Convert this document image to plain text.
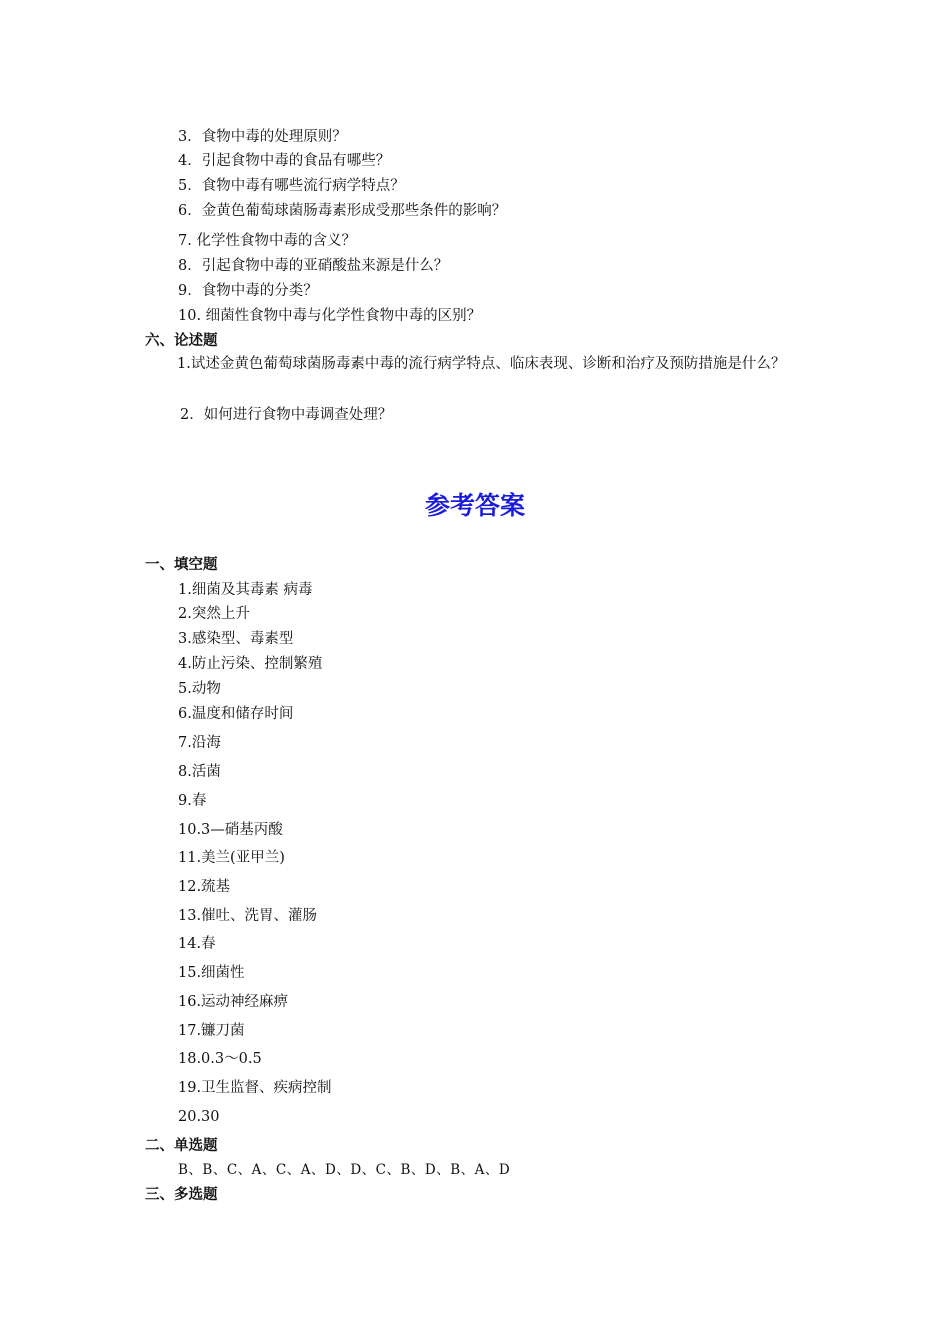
3．食物中毒的处理原则？
4．引起食物中毒的食品有哪些？
5．食物中毒有哪些流行病学特点？
6．金黄色葡萄球菌肠毒素形成受那些条件的影响？
7. 化学性食物中毒的含义？
8．引起食物中毒的亚硝酸盐来源是什么？
9．食物中毒的分类？
10. 细菌性食物中毒与化学性食物中毒的区别？
六、论述题
1.试述金黄色葡萄球菌肠毒素中毒的流行病学特点、临床表现、诊断和治疗及预防措施是什么？
2．如何进行食物中毒调查处理？
参考答案
一、填空题
1.细菌及其毒素 病毒
2.突然上升
3.感染型、毒素型
4.防止污染、控制繁殖
5.动物
6.温度和储存时间
7.沿海
8.活菌
9.春
10.3—硝基丙酸
11.美兰(亚甲兰)
12.巯基
13.催吐、洗胃、灌肠
14.春
15.细菌性
16.运动神经麻痹
17.镰刀菌
18.0.3～0.5
19.卫生监督、疾病控制
20.30
二、单选题
B、B、C、A、C、A、D、D、C、B、D、B、A、D
三、多选题
